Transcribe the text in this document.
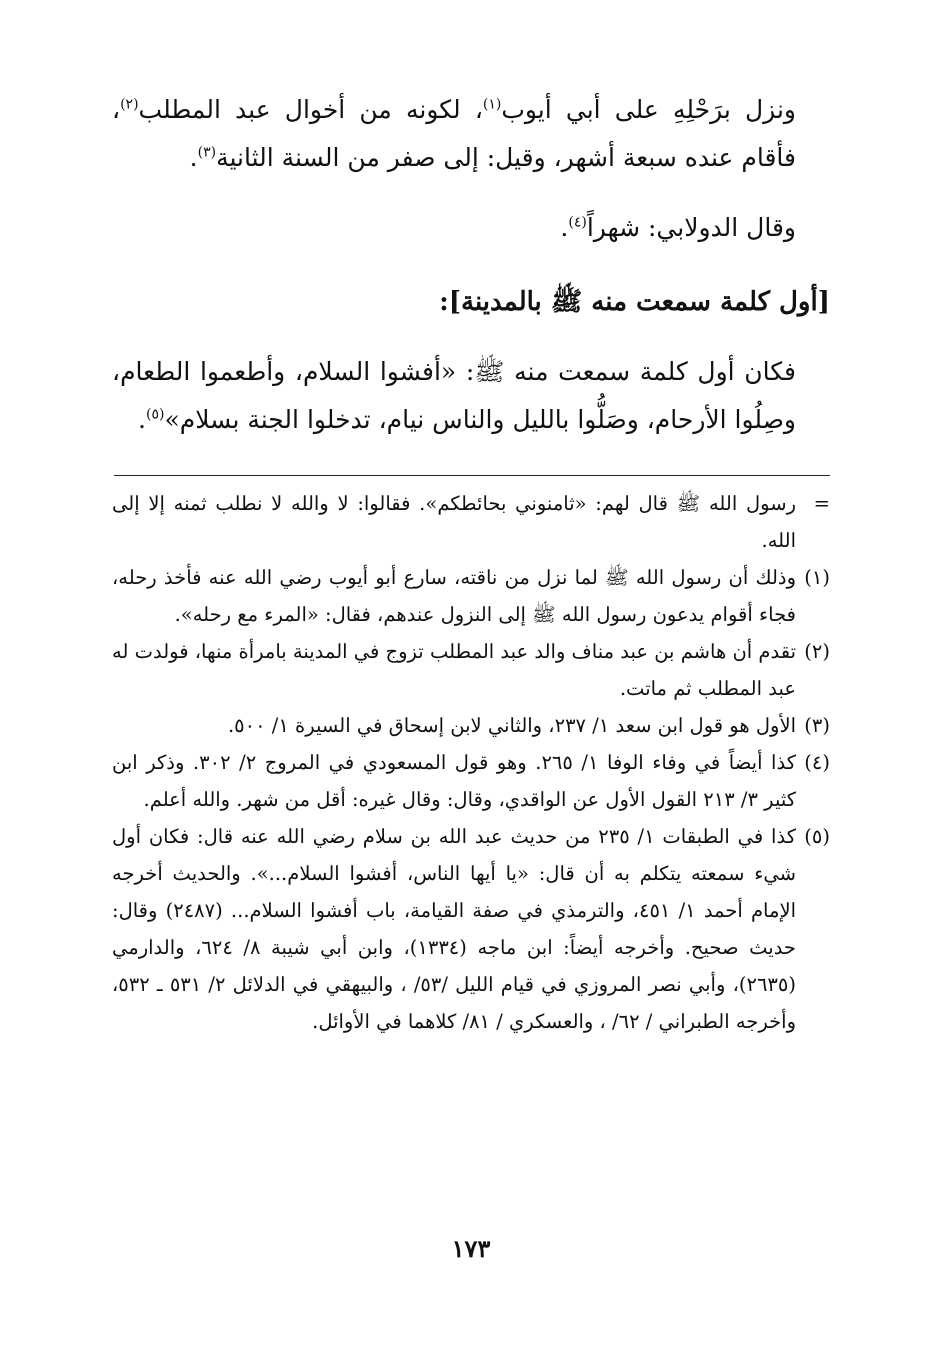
ونزل برَحْلِهِ على أبي أيوب$^{(١)}$، لكونه من أخوال عبد المطلب$^{(٢)}$، فأقام عنده سبعة أشهر، وقيل: إلى صفر من السنة الثانية$^{(٣)}$.

وقال الدولابي: شهراً$^{(٤)}$.

[أول كلمة سمعت منه ﷺ بالمدينة]:

فكان أول كلمة سمعت منه ﷺ: «أفشوا السلام، وأطعموا الطعام، وصِلُوا الأرحام، وصَلُّوا بالليل والناس نيام، تدخلوا الجنة بسلام»$^{(٥)}$.

=
رسول الله ﷺ قال لهم: «ثامنوني بحائطكم». فقالوا: لا والله لا نطلب ثمنه إلا إلى الله.
(١)
وذلك أن رسول الله ﷺ لما نزل من ناقته، سارع أبو أيوب رضي الله عنه فأخذ رحله، فجاء أقوام يدعون رسول الله ﷺ إلى النزول عندهم، فقال: «المرء مع رحله».
(٢)
تقدم أن هاشم بن عبد مناف والد عبد المطلب تزوج في المدينة بامرأة منها، فولدت له عبد المطلب ثم ماتت.
(٣)
الأول هو قول ابن سعد ١/ ٢٣٧، والثاني لابن إسحاق في السيرة ١/ ٥٠٠.
(٤)
كذا أيضاً في وفاء الوفا ١/ ٢٦٥. وهو قول المسعودي في المروج ٢/ ٣٠٢. وذكر ابن كثير ٣/ ٢١٣ القول الأول عن الواقدي، وقال: وقال غيره: أقل من شهر. والله أعلم.
(٥)
كذا في الطبقات ١/ ٢٣٥ من حديث عبد الله بن سلام رضي الله عنه قال: فكان أول شيء سمعته يتكلم به أن قال: «يا أيها الناس، أفشوا السلام...». والحديث أخرجه الإمام أحمد ١/ ٤٥١، والترمذي في صفة القيامة، باب أفشوا السلام... (٢٤٨٧) وقال: حديث صحيح. وأخرجه أيضاً: ابن ماجه (١٣٣٤)، وابن أبي شيبة ٨/ ٦٢٤، والدارمي (٢٦٣٥)، وأبي نصر المروزي في قيام الليل /٥٣/ ، والبيهقي في الدلائل ٢/ ٥٣١ ـ ٥٣٢، وأخرجه الطبراني / ٦٢/ ، والعسكري / ٨١/ كلاهما في الأوائل.
١٧٣
